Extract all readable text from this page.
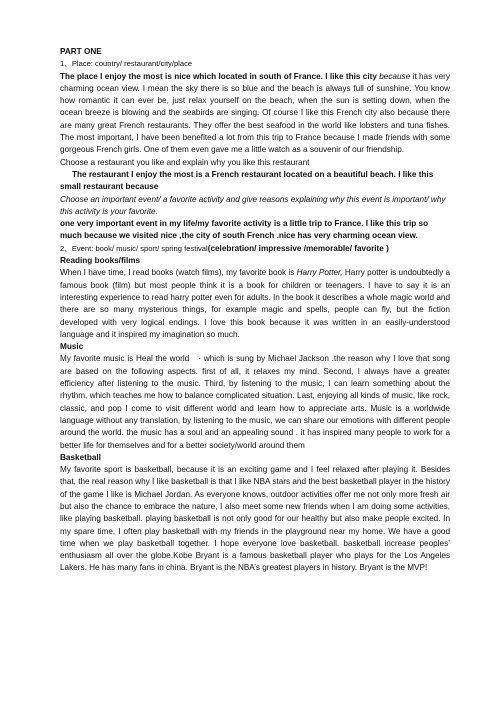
PART ONE

1、Place: country/ restaurant/city/place

The place I enjoy the most is nice which located in south of France. I like this city because it has very charming ocean view. I mean the sky there is so blue and the beach is always full of sunshine. You know how romantic it can ever be, just relax yourself on the beach, when the sun is setting down, when the ocean breeze is blowing and the seabirds are singing. Of course I like this French city also because there are many great French restaurants. They offer the best seafood in the world like lobsters and tuna fishes. The most important, I have been benefited a lot from this trip to France because I made friends with some gorgeous French girls. One of them even gave me a little watch as a souvenir of our friendship.

Choose a restaurant you like and explain why you like this restaurant

The restaurant I enjoy the most is a French restaurant located on a beautiful beach. I like this small restaurant because

Choose an important event/ a favorite activity and give reasons explaining why this event is important/ why this activity is your favorite.

one very important event in my life/my favorite activity is a little trip to France. I like this trip so much because we visited nice ,the city of south French .nice has very charming ocean view.

2、Event: book/ music/ sport/ spring festival(celebration/ impressive /memorable/ favorite )

Reading books/films

When I have time, I read books (watch films), my favorite book is Harry Potter, Harry potter is undoubtedly a famous book (film) but most people think it is a book for children or teenagers. I have to say it is an interesting experience to read harry potter even for adults. In the book it describes a whole magic world and there are so many mysterious things, for example magic and spells, people can fly, but the fiction developed with very logical endings. I love this book because it was written in an easily-understood language and it inspired my imagination so much.

Music

My favorite music is Heal the world　· which is sung by Michael Jackson .the reason why I love that song are based on the following aspects. first of all, it relaxes my mind. Second, I always have a greater efficiency after listening to the music. Third, by listening to the music, I can learn something about the rhythm, which teaches me how to balance complicated situation. Last, enjoying all kinds of music, like rock, classic, and pop I come to visit different world and learn how to appreciate arts. Music is a worldwide language without any translation, by listening to the music, we can share our emotions with different people around the world. the music has a soul and an appealing sound . it has inspired many people to work for a better life for themselves and for a better society/world around them

Basketball

My favorite sport is basketball, because it is an exciting game and I feel relaxed after playing it. Besides that, the real reason why I like basketball is that I like NBA stars and the best basketball player in the history of the game I like is Michael Jordan. As everyone knows, outdoor activities offer me not only more fresh air but also the chance to embrace the nature, I also meet some new friends when I am doing some activities, like playing basketball. playing basketball is not only good for our healthy but also make people excited. In my spare time, I often play basketball with my friends in the playground near my home. We have a good time when we play basketball together. I hope everyone love basketball. basketball increase peoples’ enthusiasm all over the globe.Kobe Bryant is a famous basketball player who plays for the Los Angeles Lakers. He has many fans in china. Bryant is the NBA’s greatest players in history. Bryant is the MVP!
